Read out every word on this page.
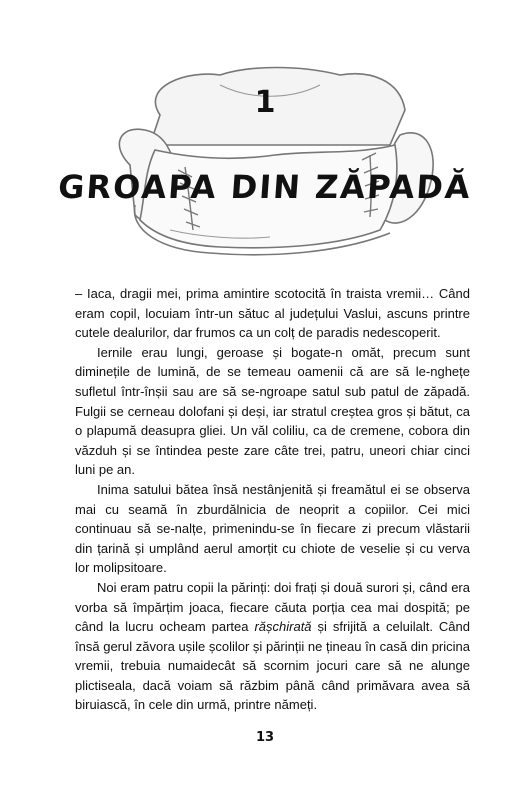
1
GROAPA DIN ZĂPADĂ

– Iaca, dragii mei, prima amintire scotocită în traista vremii… Când eram copil, locuiam într-un sătuc al județului Vaslui, ascuns printre cutele dealurilor, dar frumos ca un colț de paradis nedescoperit.

Iernile erau lungi, geroase și bogate-n omăt, precum sunt diminețile de lumină, de se temeau oamenii că are să le-nghețe sufletul într-înșii sau are să se-ngroape satul sub patul de zăpadă. Fulgii se cerneau dolofani și deși, iar stratul creștea gros și bătut, ca o plapumă deasupra gliei. Un văl coliliu, ca de cremene, cobora din văzduh și se întindea peste zare câte trei, patru, uneori chiar cinci luni pe an.

Inima satului bătea însă nestânjenită și freamătul ei se observa mai cu seamă în zburdălnicia de neoprit a copiilor. Cei mici continuau să se-nalțe, primenindu-se în fiecare zi precum vlăstarii din țarină și umplând aerul amorțit cu chiote de veselie și cu verva lor molipsitoare.

Noi eram patru copii la părinți: doi frați și două surori și, când era vorba să împărțim joaca, fiecare căuta porția cea mai dospită; pe când la lucru ocheam partea rășchirată și sfrijită a celuilalt. Când însă gerul zăvora ușile școlilor și părinții ne țineau în casă din pricina vremii, trebuia numaidecât să scornim jocuri care să ne alunge plictiseala, dacă voiam să răzbim până când primăvara avea să biruiască, în cele din urmă, printre nămeți.

13
